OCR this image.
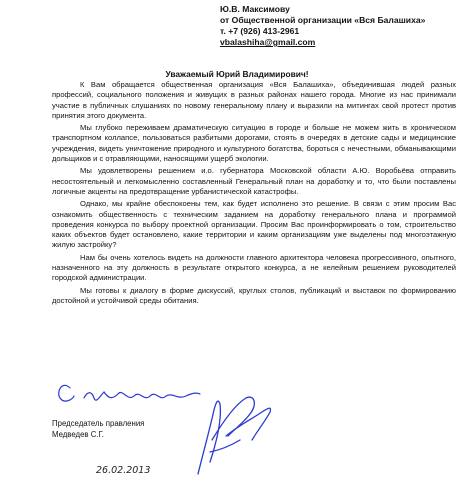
Ю.В. Максимову
от Общественной организации «Вся Балашиха»
т. +7 (926) 413-2961
vbalashiha@gmail.com
Уважаемый Юрий Владимирович!

К Вам обращается общественная организация «Вся Балашиха», объединившая людей разных профессий, социального положения и живущих в разных районах нашего города. Многие из нас принимали участие в публичных слушаниях по новому генеральному плану и выразили на митингах свой протест против принятия этого документа.

Мы глубоко переживаем драматическую ситуацию в городе и больше не можем жить в хроническом транспортном коллапсе, пользоваться разбитыми дорогами, стоять в очередях в детские сады и медицинские учреждения, видеть уничтожение природного и культурного богатства, бороться с нечестными, обманывающими дольщиков и с отравляющими, наносящими ущерб экологии.

Мы удовлетворены решением и.о. губернатора Московской области А.Ю. Воробьёва отправить несостоятельный и легкомысленно составленный Генеральный план на доработку и то, что были поставлены логичные акценты на предотвращение урбанистической катастрофы.

Однако, мы крайне обеспокоены тем, как будет исполнено это решение. В связи с этим просим Вас ознакомить общественность с техническим заданием на доработку генерального плана и программой проведения конкурса по выбору проектной организации. Просим Вас проинформировать о том, строительство каких объектов будет остановлено, какие территории и каким организациям уже выделены под многоэтажную жилую застройку?

Нам бы очень хотелось видеть на должности главного архитектора человека прогрессивного, опытного, назначенного на эту должность в результате открытого конкурса, а не келейным решением руководителей городской администрации.

Мы готовы к диалогу в форме дискуссий, круглых столов, публикаций и выставок по формированию достойной и устойчивой среды обитания.

26.02.2013
Председатель правления
Медведев С.Г.
